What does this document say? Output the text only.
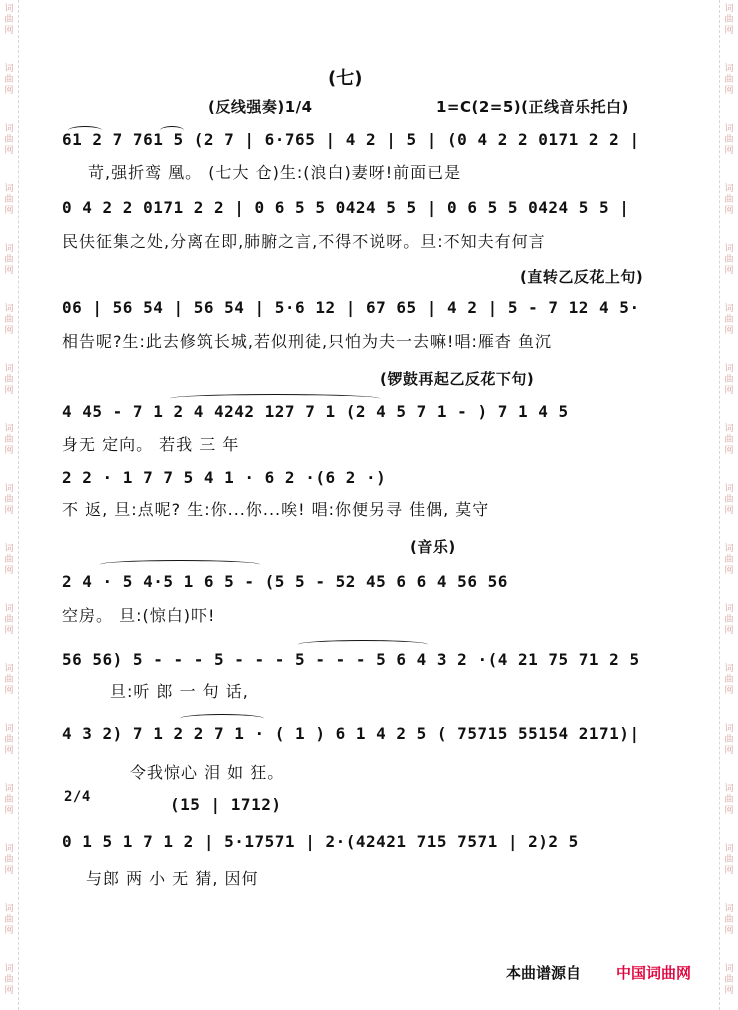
词
曲
网
词
曲
网
词
曲
网
词
曲
网
词
曲
网
词
曲
网
词
曲
网
词
曲
网
词
曲
网
词
曲
网
词
曲
网
词
曲
网
词
曲
网
词
曲
网
词
曲
网
词
曲
网
词
曲
网
词
曲
网
词
曲
网
词
曲
网
词
曲
网
词
曲
网
词
曲
网
词
曲
网
词
曲
网
词
曲
网
词
曲
网
词
曲
网
词
曲
网
词
曲
网
词
曲
网
词
曲
网
词
曲
网
词
曲
网
(七)
(反线强奏)1/4	1=C(2=5)(正线音乐托白)
61 2 7 761 5 (2 7 | 6·765 | 4 2 | 5 | (0 4 2 2 0171 2 2 |
苛,强折鸾 凰。 (七大 仓)生:(浪白)妻呀!前面已是
0 4 2 2 0171 2 2 | 0 6 5 5 0424 5 5 | 0 6 5 5 0424 5 5 |
民伕征集之处,分离在即,肺腑之言,不得不说呀。旦:不知夫有何言
(直转乙反花上句)
06 | 56 54 | 56 54 | 5·6 12 | 67 65 | 4 2 | 5 - 7 12 4 5·
相告呢?生:此去修筑长城,若似刑徒,只怕为夫一去嘛!唱:雁杳 鱼沉
(锣鼓再起乙反花下句)
4 45 - 7 1 2 4 4242 127 7 1 (2 4 5 7 1 - ) 7 1 4 5
身无 定向。 若我 三 年
2 2 · 1 7 7 5 4 1 · 6 2 ·(6 2 ·)
不 返, 旦:点呢? 生:你...你...唉! 唱:你便另寻 佳偶, 莫守
(音乐)
2 4 · 5 4·5 1 6 5 - (5 5 - 52 45 6 6 4 56 56
空房。 旦:(惊白)吓!
56 56) 5 - - - 5 - - - 5 - - - 5 6 4 3 2 ·(4 21 75 71 2 5
旦:听 郎 一 句 话,
4 3 2) 7 1 2 2 7 1 · ( 1 ) 6 1 4 2 5 ( 75715 55154 2171)|
令我惊心 泪 如 狂。
2/4	(15 | 1712)
0 1 5 1 7 1 2 | 5·17571 | 2·(42421 715 7571 | 2)2 5
与郎 两 小 无 猜, 因何
本曲谱源自 中国词曲网
